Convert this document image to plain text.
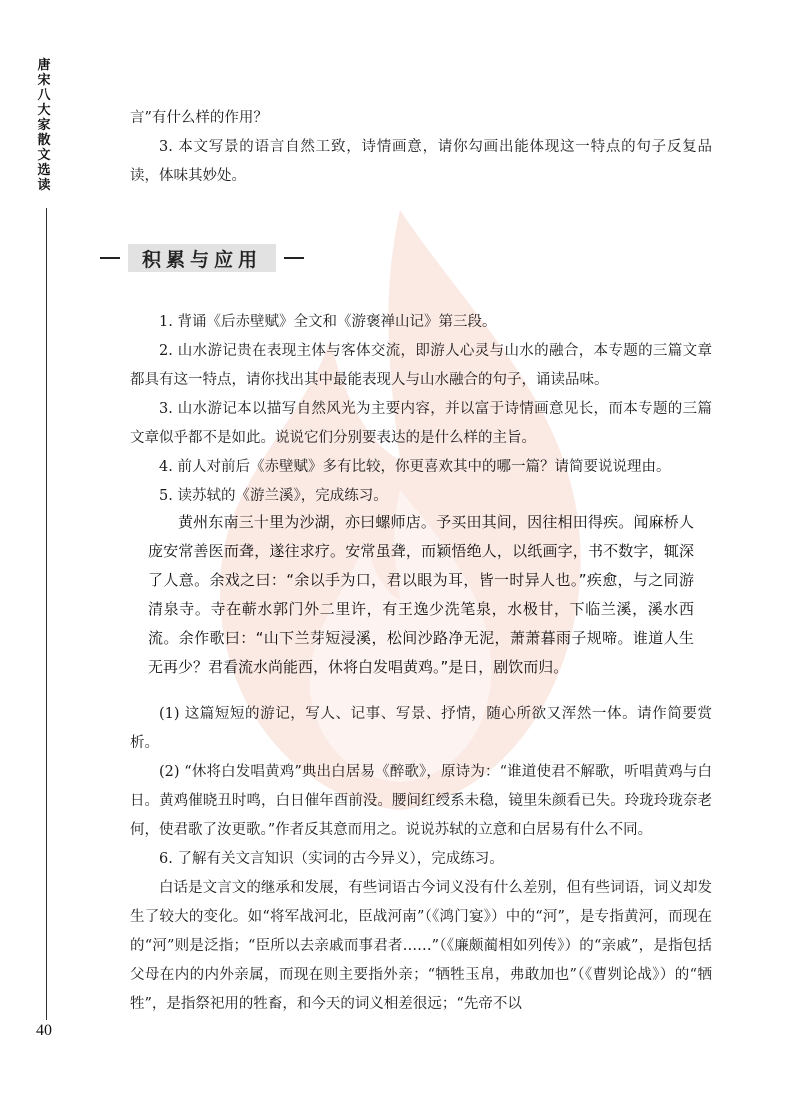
唐宋八大家散文选读
40

言”有什么样的作用？

3. 本文写景的语言自然工致，诗情画意，请你勾画出能体现这一特点的句子反复品读，体味其妙处。

积累与应用

1. 背诵《后赤壁赋》全文和《游褒禅山记》第三段。

2. 山水游记贵在表现主体与客体交流，即游人心灵与山水的融合，本专题的三篇文章都具有这一特点，请你找出其中最能表现人与山水融合的句子，诵读品味。

3. 山水游记本以描写自然风光为主要内容，并以富于诗情画意见长，而本专题的三篇文章似乎都不是如此。说说它们分别要表达的是什么样的主旨。

4. 前人对前后《赤壁赋》多有比较，你更喜欢其中的哪一篇？请简要说说理由。

5. 读苏轼的《游兰溪》，完成练习。

黄州东南三十里为沙湖，亦曰螺师店。予买田其间，因往相田得疾。闻麻桥人庞安常善医而聋，遂往求疗。安常虽聋，而颖悟绝人，以纸画字，书不数字，辄深了人意。余戏之曰：“余以手为口，君以眼为耳，皆一时异人也。”疾愈，与之同游清泉寺。寺在蕲水郭门外二里许，有王逸少洗笔泉，水极甘，下临兰溪，溪水西流。余作歌曰：“山下兰芽短浸溪，松间沙路净无泥，萧萧暮雨子规啼。谁道人生无再少？君看流水尚能西，休将白发唱黄鸡。”是日，剧饮而归。

(1) 这篇短短的游记，写人、记事、写景、抒情，随心所欲又浑然一体。请作简要赏析。

(2) “休将白发唱黄鸡”典出白居易《醉歌》，原诗为：“谁道使君不解歌，听唱黄鸡与白日。黄鸡催晓丑时鸣，白日催年酉前没。腰间红绶系未稳，镜里朱颜看已失。玲珑玲珑奈老何，使君歌了汝更歌。”作者反其意而用之。说说苏轼的立意和白居易有什么不同。

6. 了解有关文言知识（实词的古今异义），完成练习。

白话是文言文的继承和发展，有些词语古今词义没有什么差别，但有些词语，词义却发生了较大的变化。如“将军战河北，臣战河南”（《鸿门宴》）中的“河”，是专指黄河，而现在的“河”则是泛指；“臣所以去亲戚而事君者……”（《廉颇蔺相如列传》）的“亲戚”，是指包括父母在内的内外亲属，而现在则主要指外亲；“牺牲玉帛，弗敢加也”（《曹刿论战》）的“牺牲”，是指祭祀用的牲畜，和今天的词义相差很远；“先帝不以
